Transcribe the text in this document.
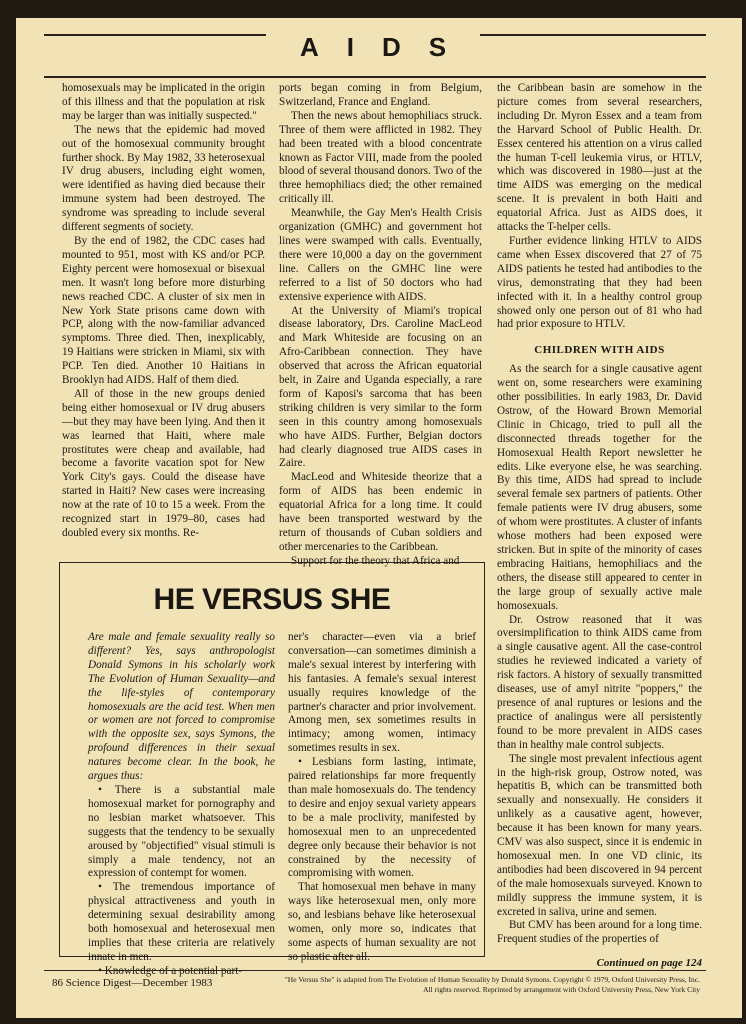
AIDS

homosexuals may be implicated in the origin of this illness and that the population at risk may be larger than was initially suspected."

The news that the epidemic had moved out of the homosexual community brought further shock. By May 1982, 33 heterosexual IV drug abusers, including eight women, were identified as having died because their immune system had been destroyed. The syndrome was spreading to include several different segments of society.

By the end of 1982, the CDC cases had mounted to 951, most with KS and/or PCP. Eighty percent were homosexual or bisexual men. It wasn't long before more disturbing news reached CDC. A cluster of six men in New York State prisons came down with PCP, along with the now-familiar advanced symptoms. Three died. Then, inexplicably, 19 Haitians were stricken in Miami, six with PCP. Ten died. Another 10 Haitians in Brooklyn had AIDS. Half of them died.

All of those in the new groups denied being either homosexual or IV drug abusers—but they may have been lying. And then it was learned that Haiti, where male prostitutes were cheap and available, had become a favorite vacation spot for New York City's gays. Could the disease have started in Haiti? New cases were increasing now at the rate of 10 to 15 a week. From the recognized start in 1979–80, cases had doubled every six months. Re-

ports began coming in from Belgium, Switzerland, France and England.

Then the news about hemophiliacs struck. Three of them were afflicted in 1982. They had been treated with a blood concentrate known as Factor VIII, made from the pooled blood of several thousand donors. Two of the three hemophiliacs died; the other remained critically ill.

Meanwhile, the Gay Men's Health Crisis organization (GMHC) and government hot lines were swamped with calls. Eventually, there were 10,000 a day on the government line. Callers on the GMHC line were referred to a list of 50 doctors who had extensive experience with AIDS.

At the University of Miami's tropical disease laboratory, Drs. Caroline MacLeod and Mark Whiteside are focusing on an Afro-Caribbean connection. They have observed that across the African equatorial belt, in Zaire and Uganda especially, a rare form of Kaposi's sarcoma that has been striking children is very similar to the form seen in this country among homosexuals who have AIDS. Further, Belgian doctors had clearly diagnosed true AIDS cases in Zaire.

MacLeod and Whiteside theorize that a form of AIDS has been endemic in equatorial Africa for a long time. It could have been transported westward by the return of thousands of Cuban soldiers and other mercenaries to the Caribbean.

Support for the theory that Africa and

the Caribbean basin are somehow in the picture comes from several researchers, including Dr. Myron Essex and a team from the Harvard School of Public Health. Dr. Essex centered his attention on a virus called the human T-cell leukemia virus, or HTLV, which was discovered in 1980—just at the time AIDS was emerging on the medical scene. It is prevalent in both Haiti and equatorial Africa. Just as AIDS does, it attacks the T-helper cells.

Further evidence linking HTLV to AIDS came when Essex discovered that 27 of 75 AIDS patients he tested had antibodies to the virus, demonstrating that they had been infected with it. In a healthy control group showed only one person out of 81 who had had prior exposure to HTLV.

CHILDREN WITH AIDS

As the search for a single causative agent went on, some researchers were examining other possibilities. In early 1983, Dr. David Ostrow, of the Howard Brown Memorial Clinic in Chicago, tried to pull all the disconnected threads together for the Homosexual Health Report newsletter he edits. Like everyone else, he was searching. By this time, AIDS had spread to include several female sex partners of patients. Other female patients were IV drug abusers, some of whom were prostitutes. A cluster of infants whose mothers had been exposed were stricken. But in spite of the minority of cases embracing Haitians, hemophiliacs and the others, the disease still appeared to center in the large group of sexually active male homosexuals.

Dr. Ostrow reasoned that it was oversimplification to think AIDS came from a single causative agent. All the case-control studies he reviewed indicated a variety of risk factors. A history of sexually transmitted diseases, use of amyl nitrite "poppers," the presence of anal ruptures or lesions and the practice of analingus were all persistently found to be more prevalent in AIDS cases than in healthy male control subjects.

The single most prevalent infectious agent in the high-risk group, Ostrow noted, was hepatitis B, which can be transmitted both sexually and nonsexually. He considers it unlikely as a causative agent, however, because it has been known for many years. CMV was also suspect, since it is endemic in homosexual men. In one VD clinic, its antibodies had been discovered in 94 percent of the male homosexuals surveyed. Known to mildly suppress the immune system, it is excreted in saliva, urine and semen.

But CMV has been around for a long time. Frequent studies of the properties of

Continued on page 124
HE VERSUS SHE

Are male and female sexuality really so different? Yes, says anthropologist Donald Symons in his scholarly work The Evolution of Human Sexuality—and the life-styles of contemporary homosexuals are the acid test. When men or women are not forced to compromise with the opposite sex, says Symons, the profound differences in their sexual natures become clear. In the book, he argues thus:

• There is a substantial male homosexual market for pornography and no lesbian market whatsoever. This suggests that the tendency to be sexually aroused by "objectified" visual stimuli is simply a male tendency, not an expression of contempt for women.

• The tremendous importance of physical attractiveness and youth in determining sexual desirability among both homosexual and heterosexual men implies that these criteria are relatively innate in men.

ner's character—even via a brief conversation—can sometimes diminish a male's sexual interest by interfering with his fantasies. A female's sexual interest usually requires knowledge of the partner's character and prior involvement. Among men, sex sometimes results in intimacy; among women, intimacy sometimes results in sex.

• Lesbians form lasting, intimate, paired relationships far more frequently than male homosexuals do. The tendency to desire and enjoy sexual variety appears to be a male proclivity, manifested by homosexual men to an unprecedented degree only because their behavior is not constrained by the necessity of compromising with women.

That homosexual men behave in many ways like heterosexual men, only more so, and lesbians behave like heterosexual women, only more so, indicates that some aspects of human sexuality are not so plastic after all.

86 Science Digest—December 1983	"He Versus She" is adapted from The Evolution of Human Sexuality by Donald Symons. Copyright © 1979, Oxford University Press, Inc. All rights reserved. Reprinted by arrangement with Oxford University Press, New York City
